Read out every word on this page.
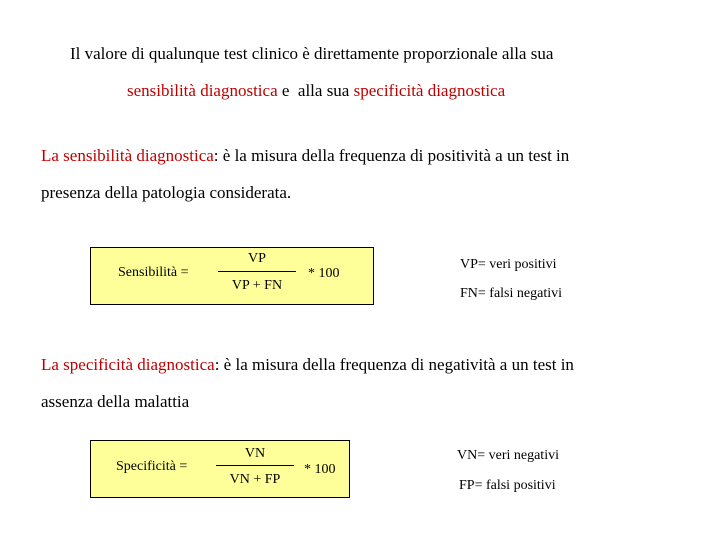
Il valore di qualunque test clinico è direttamente proporzionale alla sua
sensibilità diagnostica e  alla sua specificità diagnostica
La sensibilità diagnostica: è la misura della frequenza di positività a un test in
presenza della patologia considerata.
Sensibilità =
VP
VP + FN
* 100
VP= veri positivi
FN= falsi negativi
La specificità diagnostica: è la misura della frequenza di negatività a un test in
assenza della malattia
Specificità =
VN
VN + FP
* 100
VN= veri negativi
FP= falsi positivi
